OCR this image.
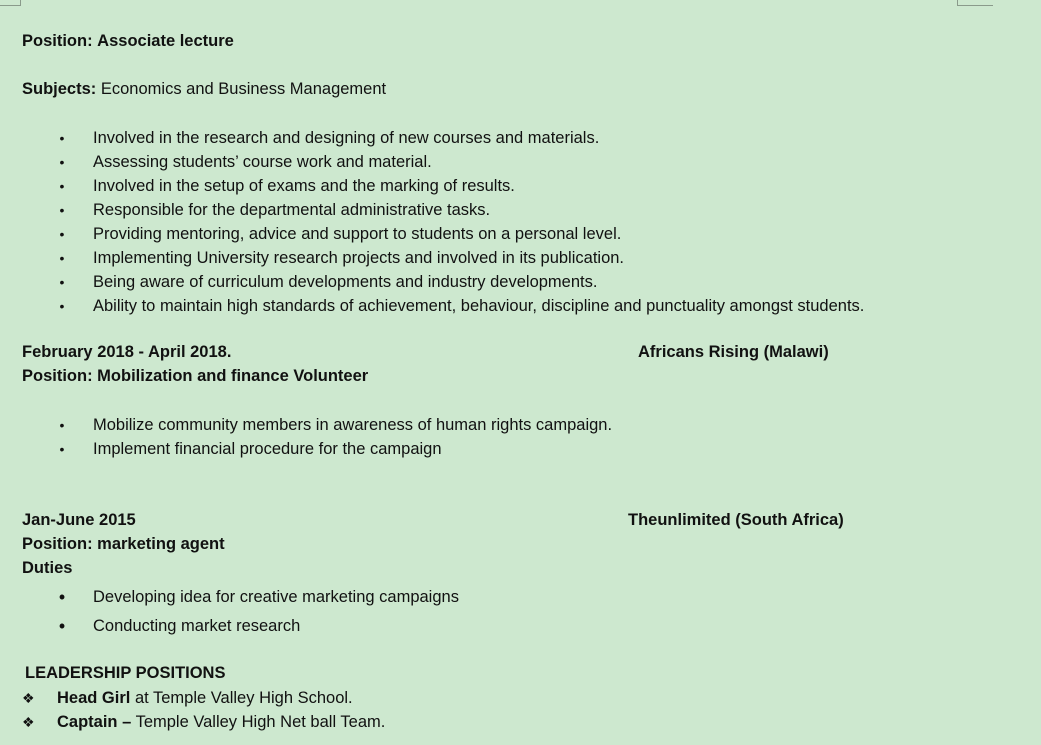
Position: Associate lecture
Subjects: Economics and Business Management
• Involved in the research and designing of new courses and materials.
• Assessing students’ course work and material.
• Involved in the setup of exams and the marking of results.
• Responsible for the departmental administrative tasks.
• Providing mentoring, advice and support to students on a personal level.
• Implementing University research projects and involved in its publication.
• Being aware of curriculum developments and industry developments.
• Ability to maintain high standards of achievement, behaviour, discipline and punctuality amongst students.
February 2018 - April 2018.	Africans Rising (Malawi)
Position: Mobilization and finance Volunteer
• Mobilize community members in awareness of human rights campaign.
• Implement financial procedure for the campaign
Jan-June 2015	Theunlimited (South Africa)
Position: marketing agent
Duties
• Developing idea for creative marketing campaigns
• Conducting market research
LEADERSHIP POSITIONS
❖ Head Girl at Temple Valley High School.
❖ Captain – Temple Valley High Net ball Team.
